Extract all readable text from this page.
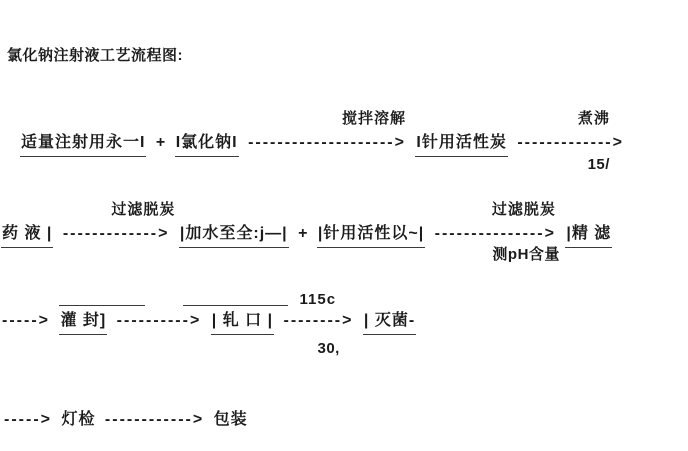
氯化钠注射液工艺流程图:
适量注射用永一I + I氯化钠I -------------------->
搅拌溶解
I针用活性炭 ------------->
煮沸
15/
药 液 | ------------->
过滤脱炭
|加水至全:j—| + |针用活性以~| --------------->
过滤脱炭
测pH含量
|精 滤
-----> 灌 封] ----------> | 轧 口 | -------->
115c
30,
| 灭菌-
-----> 灯检 ------------> 包装
